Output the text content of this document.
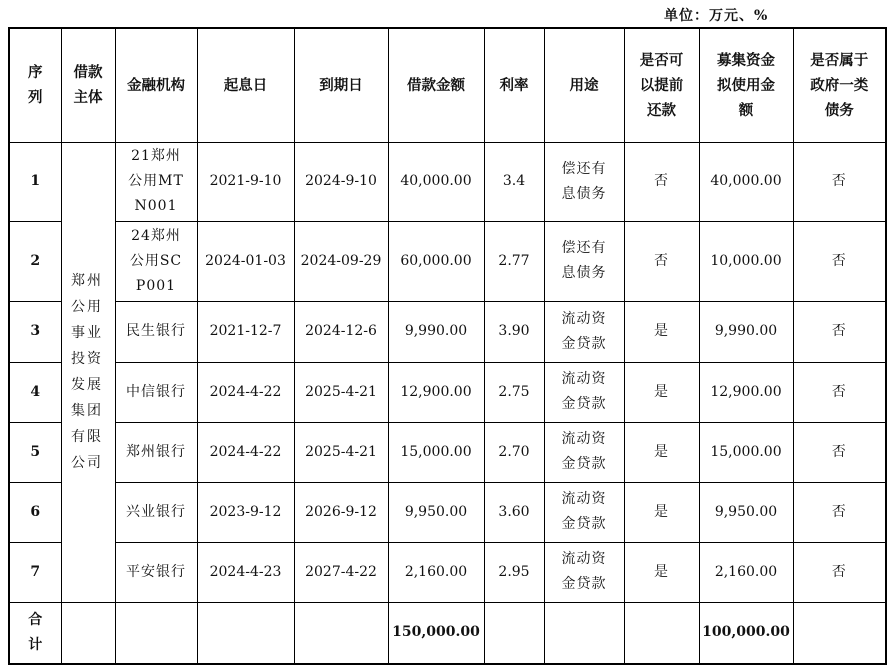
单位：万元、%
序列	借款主体	金融机构	起息日	到期日	借款金额	利率	用途	是否可以提前还款	募集资金拟使用金额	是否属于政府一类债务
1	郑州公用事业投资发展集团有限公司	21郑州公用MTN001	2021-9-10	2024-9-10	40,000.00	3.4	偿还有息债务	否	40,000.00	否
2		24郑州公用SCP001	2024-01-03	2024-09-29	60,000.00	2.77	偿还有息债务	否	10,000.00	否
3		民生银行	2021-12-7	2024-12-6	9,990.00	3.90	流动资金贷款	是	9,990.00	否
4		中信银行	2024-4-22	2025-4-21	12,900.00	2.75	流动资金贷款	是	12,900.00	否
5		郑州银行	2024-4-22	2025-4-21	15,000.00	2.70	流动资金贷款	是	15,000.00	否
6		兴业银行	2023-9-12	2026-9-12	9,950.00	3.60	流动资金贷款	是	9,950.00	否
7		平安银行	2024-4-23	2027-4-22	2,160.00	2.95	流动资金贷款	是	2,160.00	否
合计					150,000.00				100,000.00	
